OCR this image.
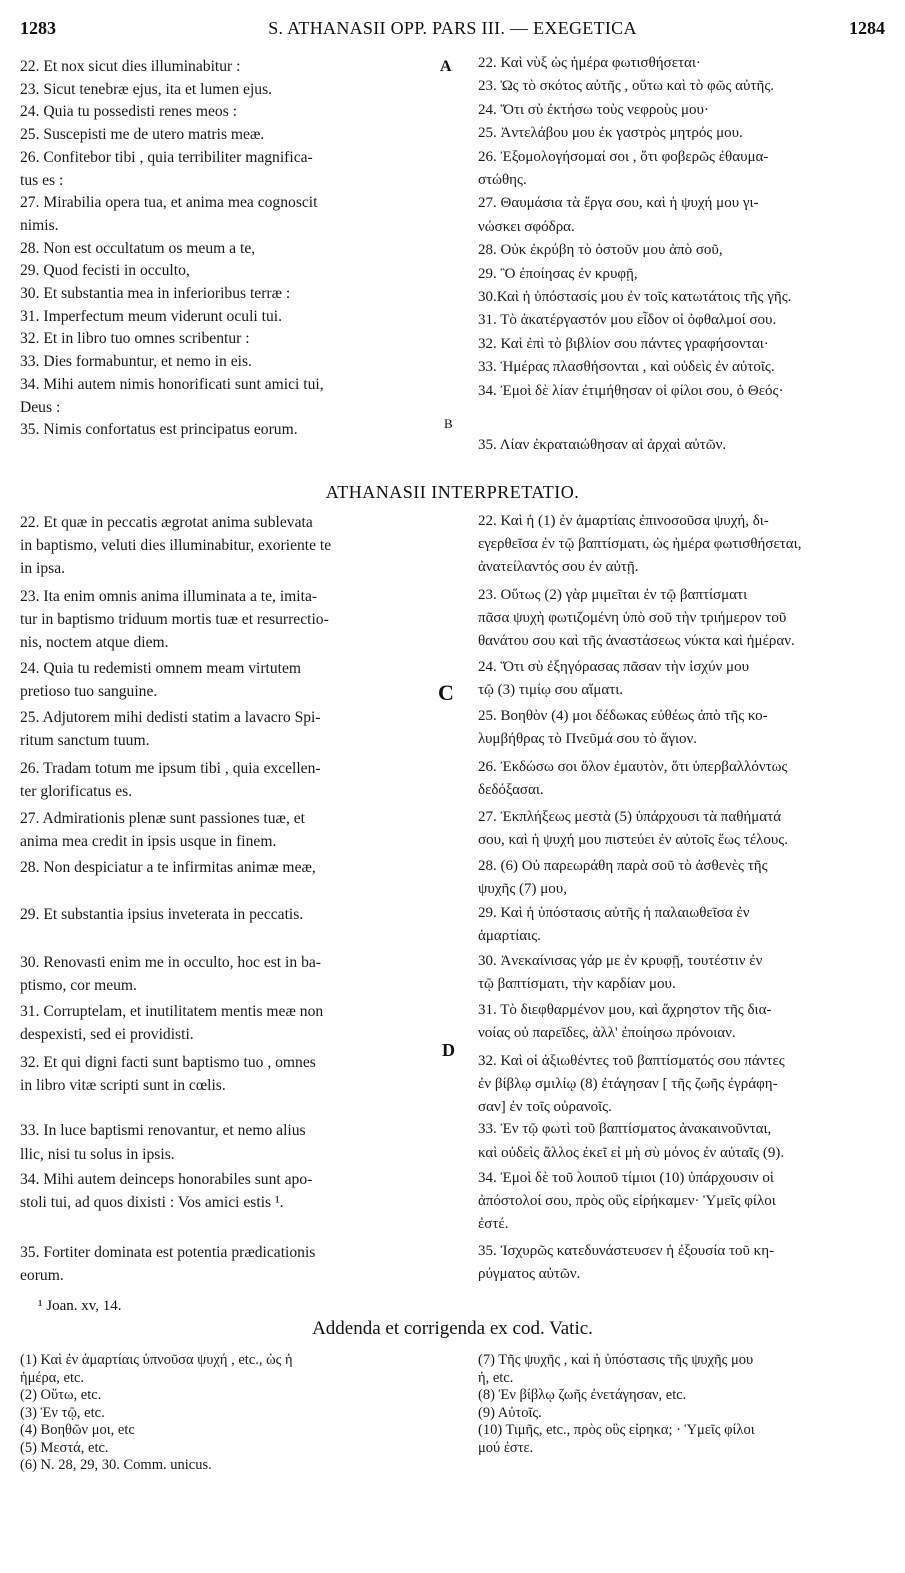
1283	S. ATHANASII OPP. PARS III. — EXEGETICA	1284
22. Et nox sicut dies illuminabitur :
23. Sicut tenebræ ejus, ita et lumen ejus.
24. Quia tu possedisti renes meos :
25. Suscepisti me de utero matris meæ.
26. Confitebor tibi , quia terribiliter magnifica-
tus es :
27. Mirabilia opera tua, et anima mea cognoscit
nimis.
28. Non est occultatum os meum a te,
29. Quod fecisti in occulto,
30. Et substantia mea in inferioribus terræ :
31. Imperfectum meum viderunt oculi tui.
32. Et in libro tuo omnes scribentur :
33. Dies formabuntur, et nemo in eis.
34. Mihi autem nimis honorificati sunt amici tui,
Deus :
35. Nimis confortatus est principatus eorum.
22. Καὶ νὺξ ὡς ἡμέρα φωτισθήσεται·
23. Ὡς τὸ σκότος αὐτῆς , οὕτω καὶ τὸ φῶς αὐτῆς.
24. Ὅτι σὺ ἐκτήσω τοὺς νεφροὺς μου·
25. Ἀντελάβου μου ἐκ γαστρὸς μητρός μου.
26. Ἐξομολογήσομαί σοι , ὅτι φοβερῶς ἐθαυμα-
στώθης.
27. Θαυμάσια τὰ ἔργα σου, καὶ ἡ ψυχή μου γι-
νώσκει σφόδρα.
28. Οὐκ ἐκρύβη τὸ ὀστοῦν μου ἀπὸ σοῦ,
29. Ὃ ἐποίησας ἐν κρυφῇ,
30.Καὶ ἡ ὑπόστασίς μου ἐν τοῖς κατωτάτοις τῆς γῆς.
31. Τὸ ἀκατέργαστόν μου εἶδον οἱ ὀφθαλμοί σου.
32. Καὶ ἐπὶ τὸ βιβλίον σου πάντες γραφήσονται·
33. Ἡμέρας πλασθήσονται , καὶ οὐδεὶς ἐν αὐτοῖς.
34. Ἐμοὶ δὲ λίαν ἐτιμήθησαν οἱ φίλοι σου, ὁ Θεός·
35. Λίαν ἐκραταιώθησαν αἱ ἀρχαὶ αὐτῶν.
A
B
ATHANASII INTERPRETATIO.
22. Et quæ in peccatis ægrotat anima sublevata
in baptismo, veluti dies illuminabitur, exoriente te
in ipsa.
23. Ita enim omnis anima illuminata a te, imita-
tur in baptismo triduum mortis tuæ et resurrectio-
nis, noctem atque diem.
24. Quia tu redemisti omnem meam virtutem
pretioso tuo sanguine.
25. Adjutorem mihi dedisti statim a lavacro Spi-
ritum sanctum tuum.
26. Tradam totum me ipsum tibi , quia excellen-
ter glorificatus es.
27. Admirationis plenæ sunt passiones tuæ, et
anima mea credit in ipsis usque in finem.
28. Non despiciatur a te infirmitas animæ meæ,
29. Et substantia ipsius inveterata in peccatis.
30. Renovasti enim me in occulto, hoc est in ba-
ptismo, cor meum.
31. Corruptelam, et inutilitatem mentis meæ non
despexisti, sed ei providisti.
32. Et qui digni facti sunt baptismo tuo , omnes
in libro vitæ scripti sunt in cœlis.
33. In luce baptismi renovantur, et nemo alius
llic, nisi tu solus in ipsis.
34. Mihi autem deinceps honorabiles sunt apo-
stoli tui, ad quos dixisti : Vos amici estis ¹.
35. Fortiter dominata est potentia prædicationis
eorum.
22. Καὶ ἡ (1) ἐν ἁμαρτίαις ἐπινοσοῦσα ψυχή, δι-
εγερθεῖσα ἐν τῷ βαπτίσματι, ὡς ἡμέρα φωτισθήσεται,
ἀνατείλαντός σου ἐν αὐτῇ.
23. Οὕτως (2) γὰρ μιμεῖται ἐν τῷ βαπτίσματι
πᾶσα ψυχὴ φωτιζομένη ὑπὸ σοῦ τὴν τριήμερον τοῦ
θανάτου σου καὶ τῆς ἀναστάσεως νύκτα καὶ ἡμέραν.
24. Ὅτι σὺ ἐξηγόρασας πᾶσαν τὴν ἰσχύν μου
τῷ (3) τιμίῳ σου αἵματι.
25. Βοηθὸν (4) μοι δέδωκας εὐθέως ἀπὸ τῆς κο-
λυμβήθρας τὸ Πνεῦμά σου τὸ ἅγιον.
26. Ἐκδώσω σοι ὅλον ἐμαυτὸν, ὅτι ὑπερβαλλόντως
δεδόξασαι.
27. Ἐκπλήξεως μεστὰ (5) ὑπάρχουσι τὰ παθήματά
σου, καὶ ἡ ψυχή μου πιστεύει ἐν αὐτοῖς ἕως τέλους.
28. (6) Οὐ παρεωράθη παρὰ σοῦ τὸ ἀσθενὲς τῆς
ψυχῆς (7) μου,
29. Καὶ ἡ ὑπόστασις αὐτῆς ἡ παλαιωθεῖσα ἐν
ἁμαρτίαις.
30. Ἀνεκαίνισας γάρ με ἐν κρυφῇ, τουτέστιν ἐν
τῷ βαπτίσματι, τὴν καρδίαν μου.
31. Τὸ διεφθαρμένον μου, καὶ ἄχρηστον τῆς δια-
νοίας οὐ παρεῖδες, ἀλλ' ἐποίησω πρόνοιαν.
32. Καὶ οἱ ἀξιωθέντες τοῦ βαπτίσματός σου πάντες
ἐν βίβλῳ σμιλίῳ (8) ἐτάγησαν [ τῆς ζωῆς ἐγράφη-
σαν] ἐν τοῖς οὐρανοῖς.
33. Ἐν τῷ φωτὶ τοῦ βαπτίσματος ἀνακαινοῦνται,
καὶ οὐδεὶς ἄλλος ἐκεῖ εἰ μὴ σὺ μόνος ἐν αὐταῖς (9).
34. Ἐμοὶ δὲ τοῦ λοιποῦ τίμιοι (10) ὑπάρχουσιν οἱ
ἀπόστολοί σου, πρὸς οὓς εἰρήκαμεν· Ὑμεῖς φίλοι
ἐστέ.
35. Ἰσχυρῶς κατεδυνάστευσεν ἡ ἐξουσία τοῦ κη-
ρύγματος αὐτῶν.
C
D
¹ Joan. xv, 14.
Addenda et corrigenda ex cod. Vatic.
(1) Καὶ ἐν ἁμαρτίαις ὑπνοῦσα ψυχή , etc., ὡς ἡ
ἡμέρα, etc.
(2) Οὕτω, etc.
(3) Ἐν τῷ, etc.
(4) Βοηθῶν μοι, etc
(5) Μεστά, etc.
(6) N. 28, 29, 30. Comm. unicus.
(7) Τῆς ψυχῆς , καὶ ἡ ὑπόστασις τῆς ψυχῆς μου
ἡ, etc.
(8) Ἐν βίβλῳ ζωῆς ἐνετάγησαν, etc.
(9) Αὐτοῖς.
(10) Τιμῆς, etc., πρὸς οὓς εἰρηκα; · Ὑμεῖς φίλοι
μού ἐστε.
